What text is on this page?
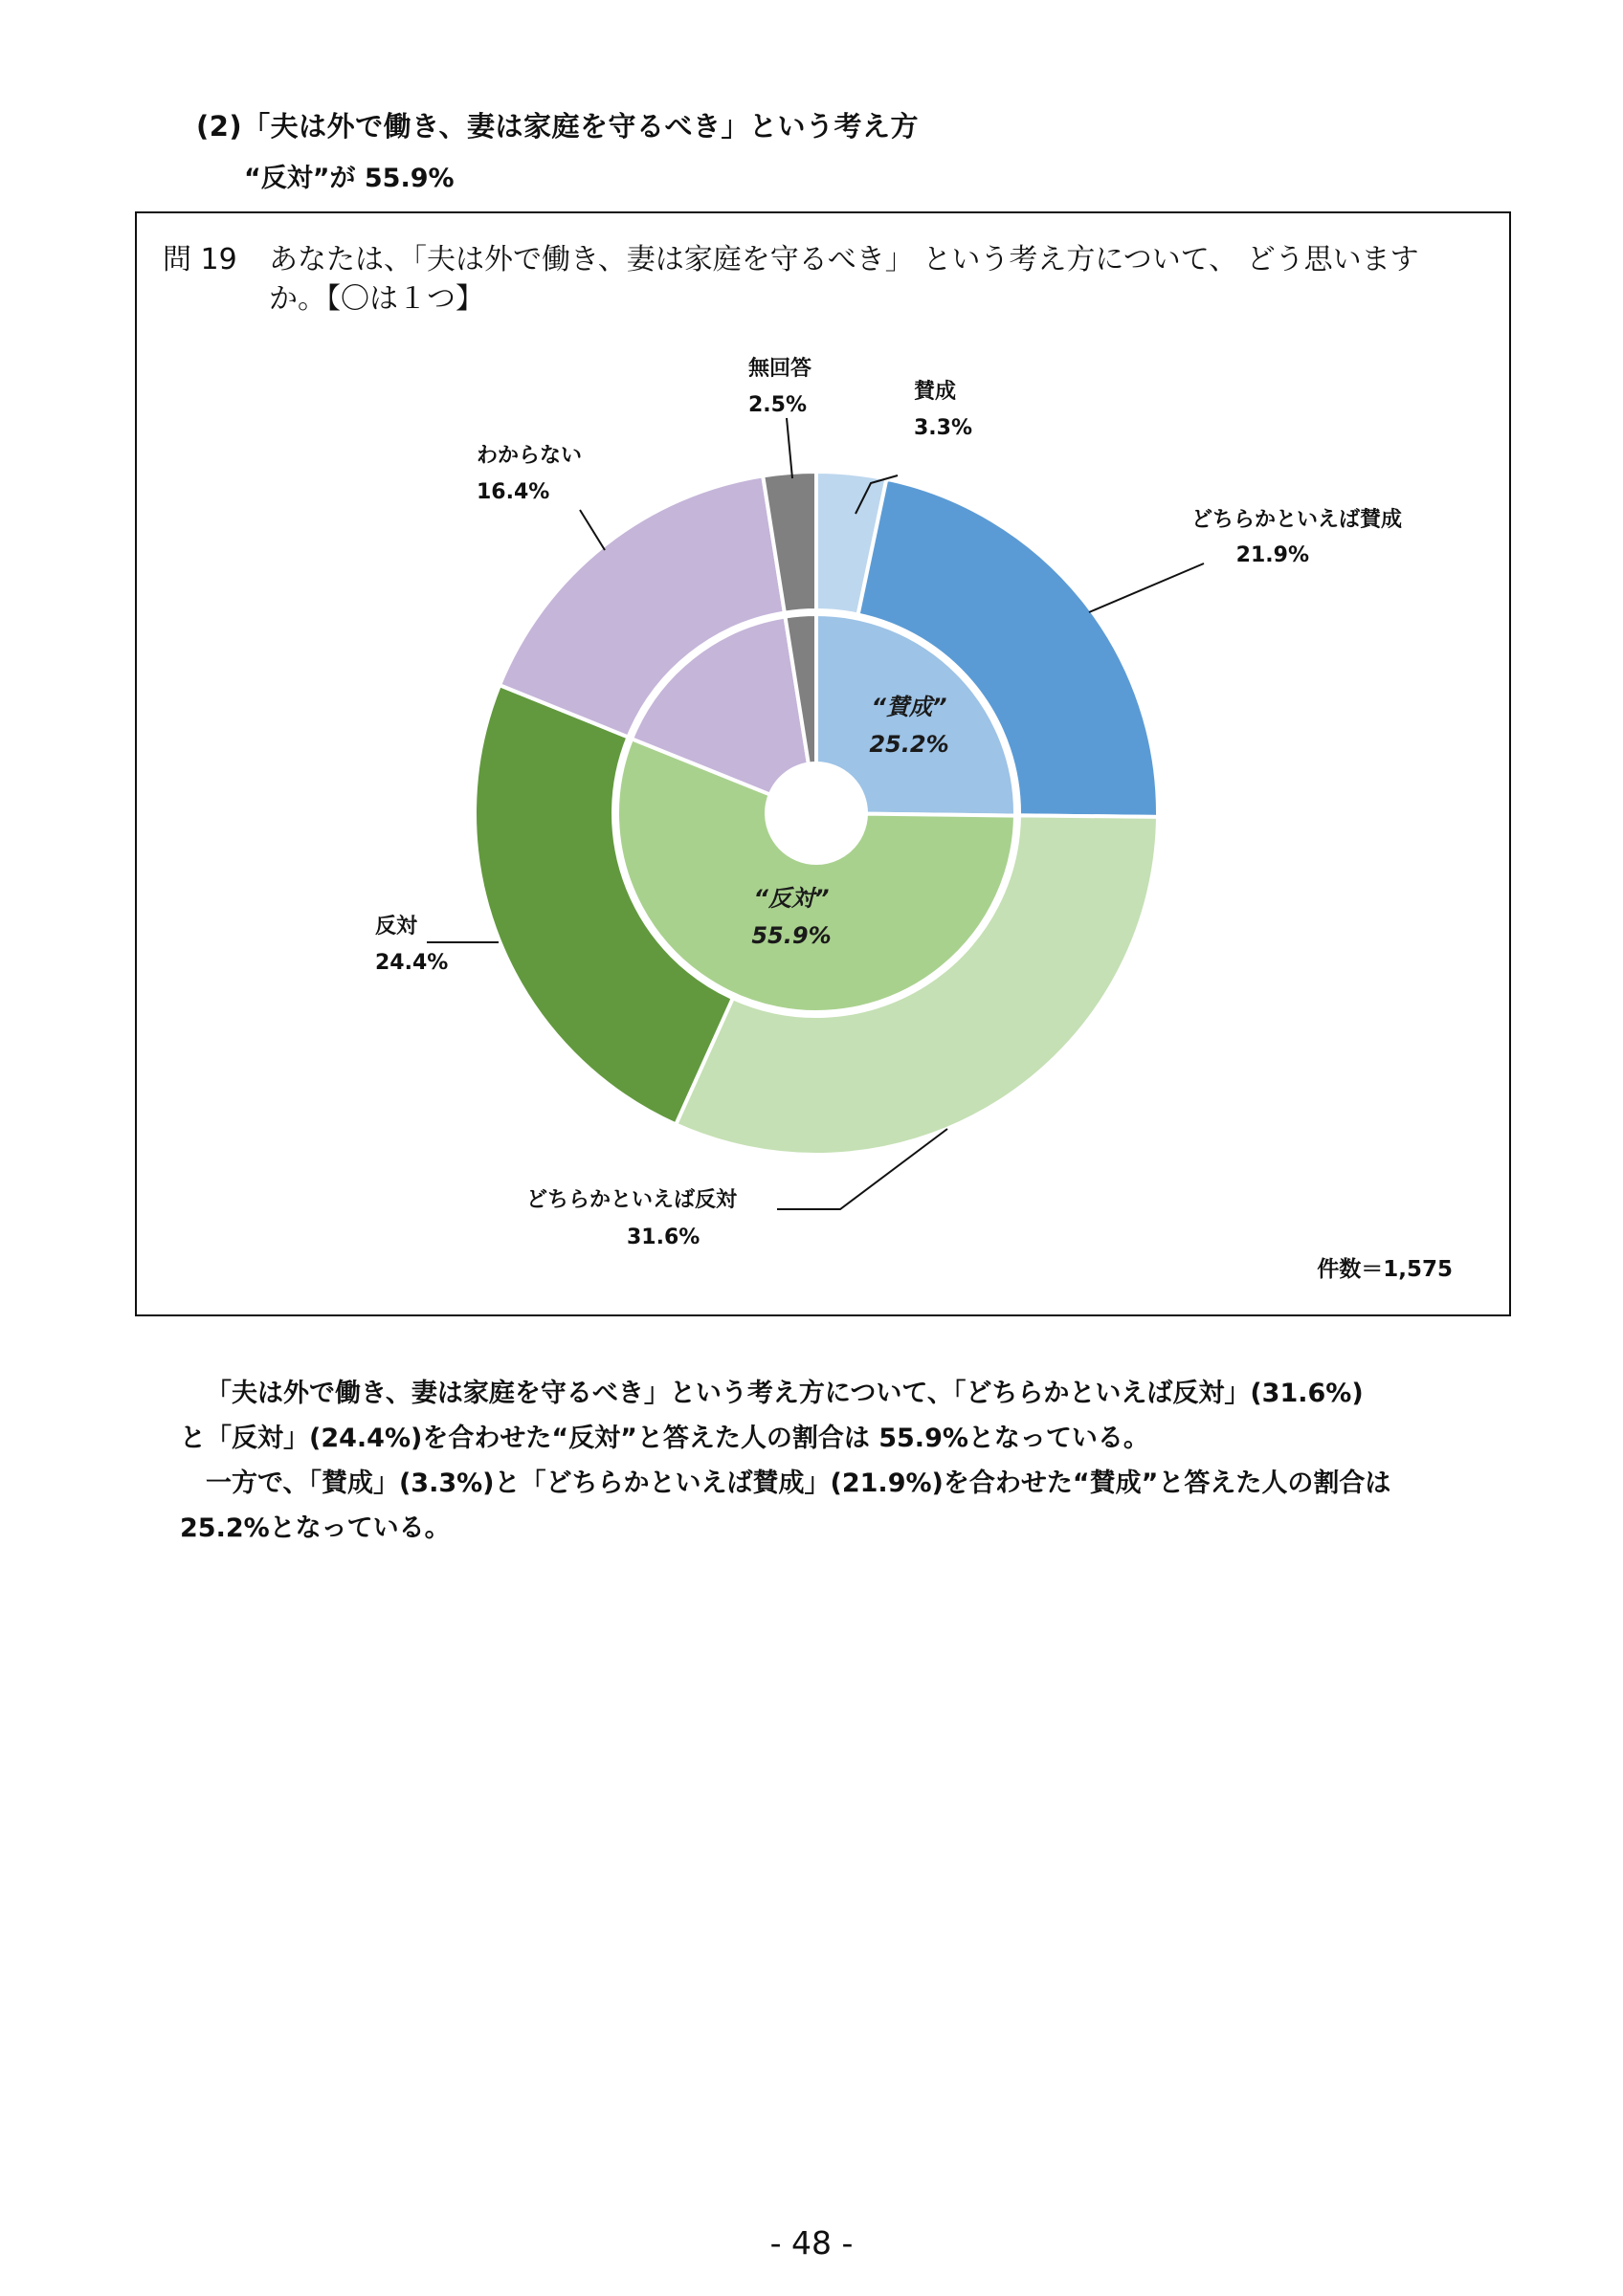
(2)「夫は外で働き、妻は家庭を守るべき」という考え方
“反対”が 55.9%
問 19 あなたは、「夫は外で働き、妻は家庭を守るべき」 という考え方について、 どう思います
か。【〇は１つ】
賛成
3.3%
どちらかといえば賛成
21.9%
どちらかといえば反対
31.6%
反対
24.4%
わからない
16.4%
無回答
2.5%
“賛成”
25.2%
“反対”
55.9%
件数＝1,575
「夫は外で働き、妻は家庭を守るべき」という考え方について、「どちらかといえば反対」(31.6%)
と「反対」(24.4%)を合わせた“反対”と答えた人の割合は 55.9%となっている。
一方で、「賛成」(3.3%)と「どちらかといえば賛成」(21.9%)を合わせた“賛成”と答えた人の割合は
25.2%となっている。
- 48 -
